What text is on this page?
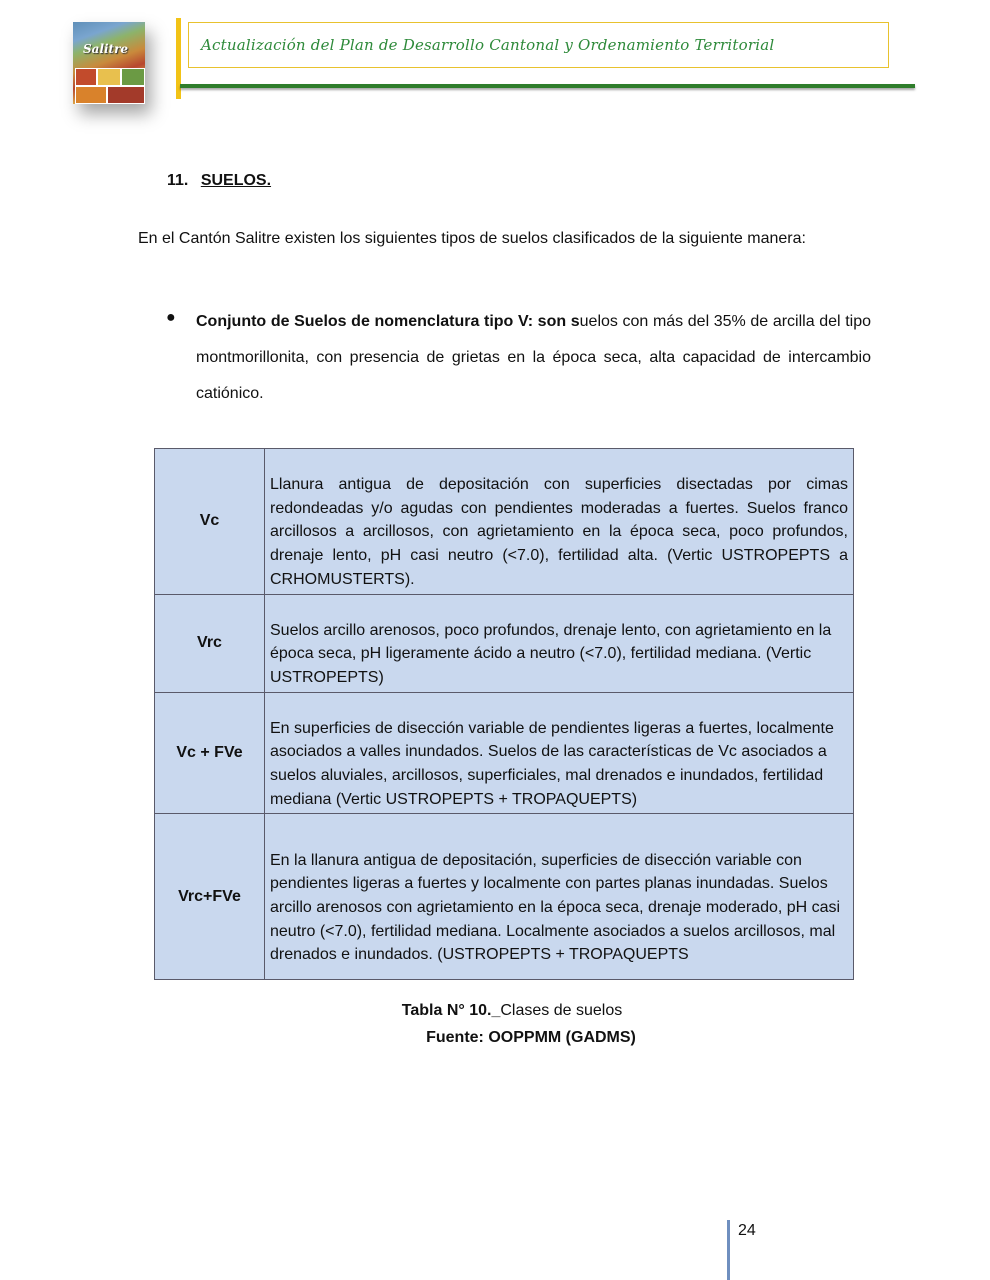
Salitre	Actualización del Plan de Desarrollo Cantonal y Ordenamiento Territorial
11. SUELOS.
En el Cantón Salitre existen los siguientes tipos de suelos clasificados de la siguiente manera:
● Conjunto de Suelos de nomenclatura tipo V: son suelos con más del 35% de arcilla del tipo montmorillonita, con presencia de grietas en la época seca, alta capacidad de intercambio catiónico.
Vc	Llanura antigua de depositación con superficies disectadas por cimas redondeadas y/o agudas con pendientes moderadas a fuertes. Suelos franco arcillosos a arcillosos, con agrietamiento en la época seca, poco profundos, drenaje lento, pH casi neutro (<7.0), fertilidad alta. (Vertic USTROPEPTS a CRHOMUSTERTS).
Vrc	Suelos arcillo arenosos, poco profundos, drenaje lento, con agrietamiento en la época seca, pH ligeramente ácido a neutro (<7.0), fertilidad mediana. (Vertic USTROPEPTS)
Vc + FVe	En superficies de disección variable de pendientes ligeras a fuertes, localmente asociados a valles inundados. Suelos de las características de Vc asociados a suelos aluviales, arcillosos, superficiales, mal drenados e inundados, fertilidad mediana (Vertic USTROPEPTS + TROPAQUEPTS)
Vrc+FVe	En la llanura antigua de depositación, superficies de disección variable con pendientes ligeras a fuertes y localmente con partes planas inundadas. Suelos arcillo arenosos con agrietamiento en la época seca, drenaje moderado, pH casi neutro (<7.0), fertilidad mediana. Localmente asociados a suelos arcillosos, mal drenados e inundados. (USTROPEPTS + TROPAQUEPTS
Tabla N° 10._Clases de suelos
Fuente: OOPPMM (GADMS)
24
